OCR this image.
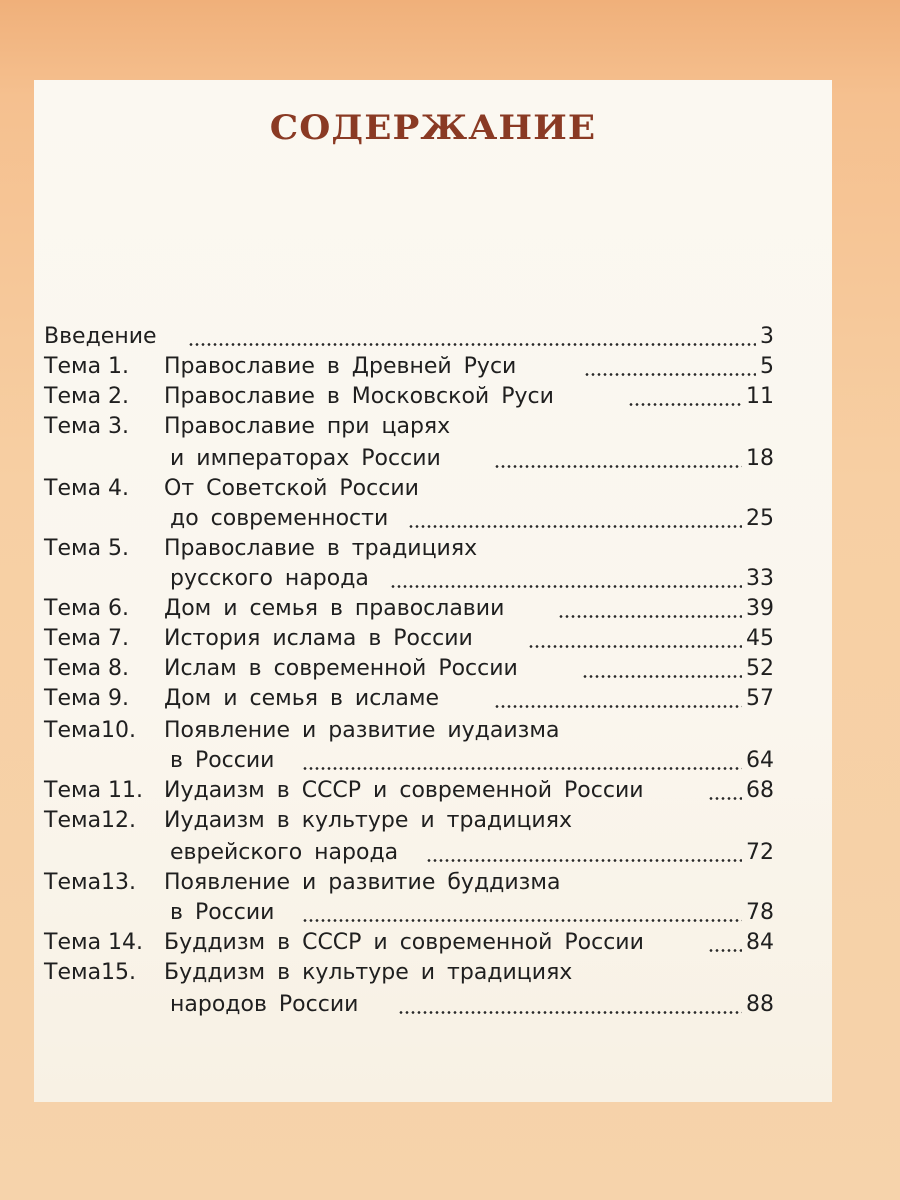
СОДЕРЖАНИЕ
Введение	3
Тема 1. Православие в Древней Руси	5
Тема 2. Православие в Московской Руси	11
Тема 3. Православие при царях
и императорах России	18
Тема 4. От Советской России
до современности	25
Тема 5. Православие в традициях
русского народа	33
Тема 6. Дом и семья в православии	39
Тема 7. История ислама в России	45
Тема 8. Ислам в современной России	52
Тема 9. Дом и семья в исламе	57
Тема10. Появление и развитие иудаизма
в России	64
Тема 11. Иудаизм в СССР и современной России	68
Тема12. Иудаизм в культуре и традициях
еврейского народа	72
Тема13. Появление и развитие буддизма
в России	78
Тема 14. Буддизм в СССР и современной России	84
Тема15. Буддизм в культуре и традициях
народов России	88
